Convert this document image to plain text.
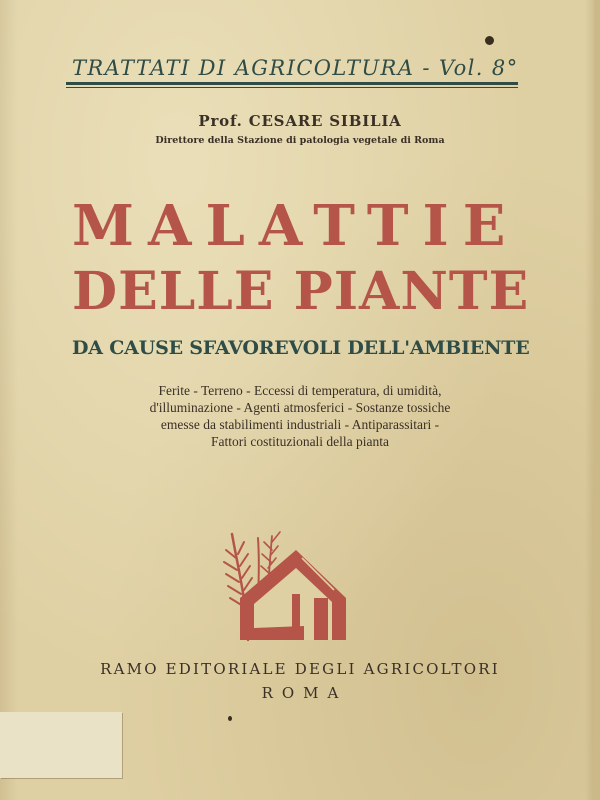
TRATTATI DI AGRICOLTURA - Vol. 8°
Prof. CESARE SIBILIA
Direttore della Stazione di patologia vegetale di Roma
MALATTIE
DELLE PIANTE
DA CAUSE SFAVOREVOLI DELL'AMBIENTE
Ferite - Terreno - Eccessi di temperatura, di umidità,
d'illuminazione - Agenti atmosferici - Sostanze tossiche
emesse da stabilimenti industriali - Antiparassitari -
Fattori costituzionali della pianta
RAMO EDITORIALE DEGLI AGRICOLTORI
ROMA
